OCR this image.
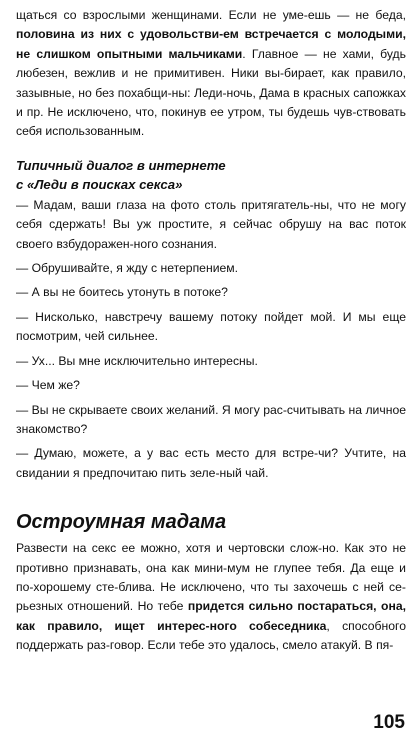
щаться со взрослыми женщинами. Если не уме-ешь — не беда, половина из них с удовольстви-ем встречается с молодыми, не слишком опытными мальчиками. Главное — не хами, будь любезен, вежлив и не примитивен. Ники вы-бирает, как правило, зазывные, но без похабщи-ны: Леди-ночь, Дама в красных сапожках и пр. Не исключено, что, покинув ее утром, ты будешь чув-ствовать себя использованным.

Типичный диалог в интернете
с «Леди в поисках секса»

— Мадам, ваши глаза на фото столь притягатель-ны, что не могу себя сдержать! Вы уж простите, я сейчас обрушу на вас поток своего взбудоражен-ного сознания.

— Обрушивайте, я жду с нетерпением.

— А вы не боитесь утонуть в потоке?

— Нисколько, навстречу вашему потоку пойдет мой. И мы еще посмотрим, чей сильнее.

— Ух... Вы мне исключительно интересны.

— Чем же?

— Вы не скрываете своих желаний. Я могу рас-считывать на личное знакомство?

— Думаю, можете, а у вас есть место для встре-чи? Учтите, на свидании я предпочитаю пить зеле-ный чай.

Остроумная мадама

Развести на секс ее можно, хотя и чертовски слож-но. Как это не противно признавать, она как мини-мум не глупее тебя. Да еще и по-хорошему сте-блива. Не исключено, что ты захочешь с ней се-рьезных отношений. Но тебе придется сильно постараться, она, как правило, ищет интерес-ного собеседника, способного поддержать раз-говор. Если тебе это удалось, смело атакуй. В пя-

105
